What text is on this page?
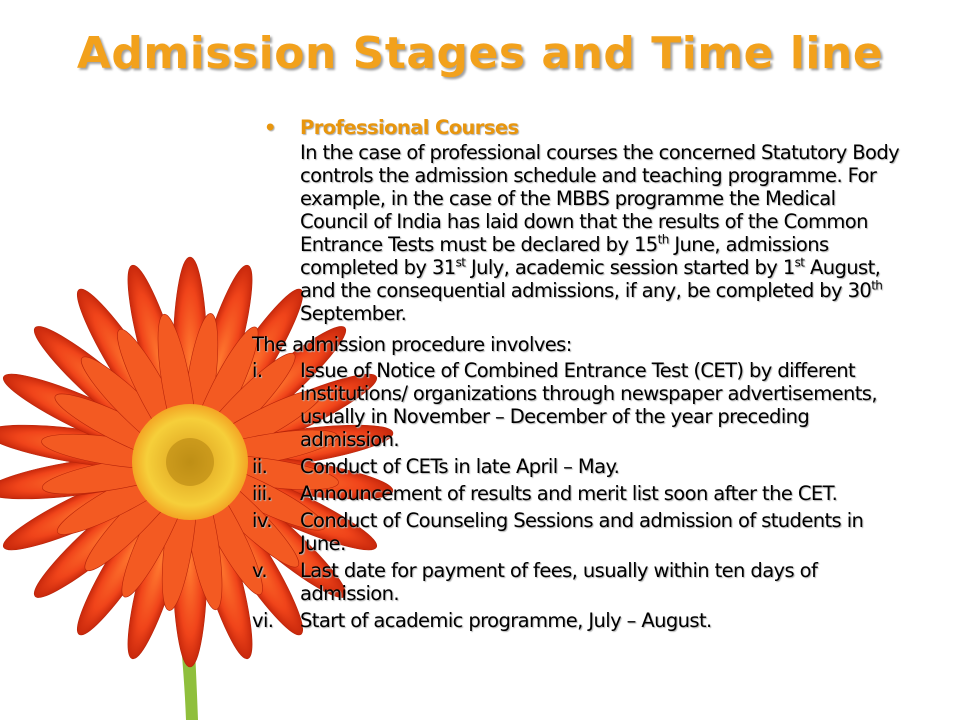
Admission Stages and Time line
• Professional Courses
In the case of professional courses the concerned Statutory Body controls the admission schedule and teaching programme. For example, in the case of the MBBS programme the Medical Council of India has laid down that the results of the Common Entrance Tests must be declared by 15th June, admissions completed by 31st July, academic session started by 1st August, and the consequential admissions, if any, be completed by 30th September.
The admission procedure involves:
i. Issue of Notice of Combined Entrance Test (CET) by different institutions/ organizations through newspaper advertisements, usually in November – December of the year preceding admission.
ii. Conduct of CETs in late April – May.
iii. Announcement of results and merit list soon after the CET.
iv. Conduct of Counseling Sessions and admission of students in June.
v. Last date for payment of fees, usually within ten days of admission.
vi. Start of academic programme, July – August.
